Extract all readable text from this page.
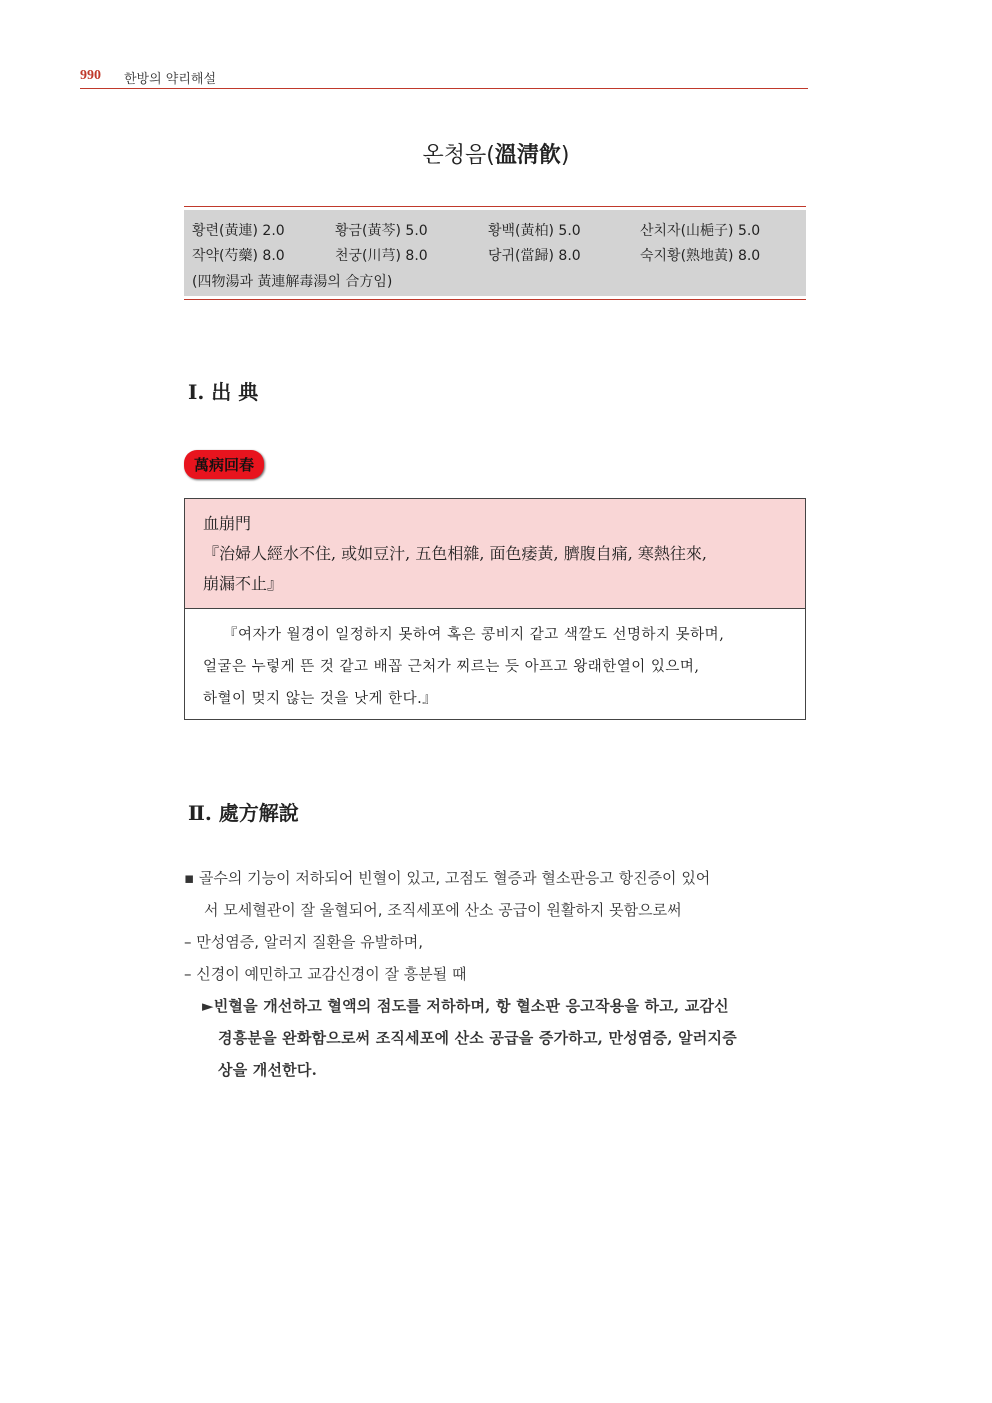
990 한방의 약리해설
온청음(溫淸飮)
황련(黃連) 2.0	황금(黃芩) 5.0	황백(黃柏) 5.0	산치자(山梔子) 5.0
작약(芍藥) 8.0	천궁(川芎) 8.0	당귀(當歸) 8.0	숙지황(熟地黃) 8.0
(四物湯과 黃連解毒湯의 合方임)
Ⅰ. 出 典
萬病回春
血崩門
『治婦人經水不住, 或如豆汁, 五色相雜, 面色痿黃, 臍腹自痛, 寒熱往來,
崩漏不止』
『여자가 월경이 일정하지 못하여 혹은 콩비지 같고 색깔도 선명하지 못하며,
얼굴은 누렇게 뜬 것 같고 배꼽 근처가 찌르는 듯 아프고 왕래한열이 있으며,
하혈이 멎지 않는 것을 낫게 한다.』
Ⅱ. 處方解說
▪ 골수의 기능이 저하되어 빈혈이 있고, 고점도 혈증과 혈소판응고 항진증이 있어
서 모세혈관이 잘 울혈되어, 조직세포에 산소 공급이 원활하지 못함으로써
– 만성염증, 알러지 질환을 유발하며,
– 신경이 예민하고 교감신경이 잘 흥분될 때
►빈혈을 개선하고 혈액의 점도를 저하하며, 항 혈소판 응고작용을 하고, 교감신
경흥분을 완화함으로써 조직세포에 산소 공급을 증가하고, 만성염증, 알러지증
상을 개선한다.
